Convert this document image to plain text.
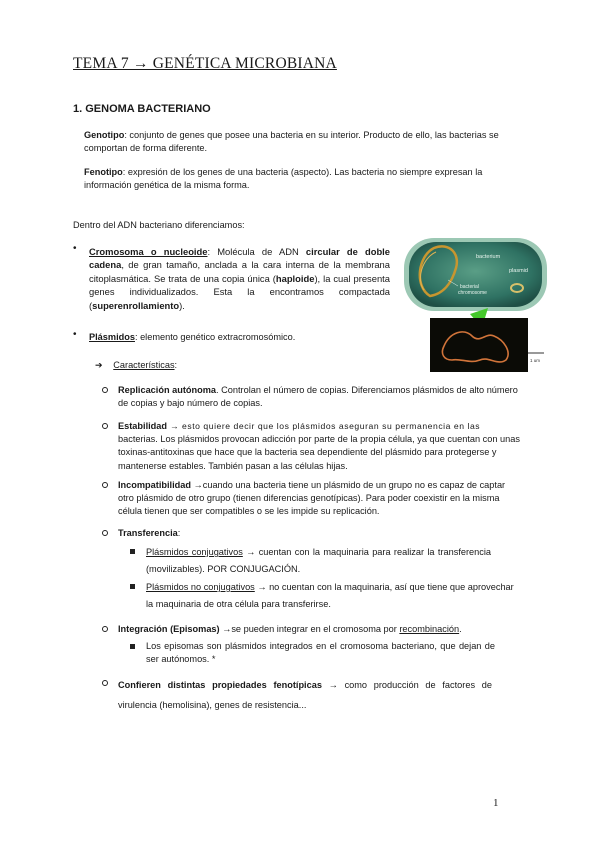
TEMA 7 → GENÉTICA MICROBIANA
1. GENOMA BACTERIANO
Genotipo: conjunto de genes que posee una bacteria en su interior. Producto de ello, las bacterias se comportan de forma diferente.
Fenotipo: expresión de los genes de una bacteria (aspecto). Las bacteria no siempre expresan la información genética de la misma forma.
Dentro del ADN bacteriano diferenciamos:
• Cromosoma o nucleoide: Molécula de ADN circular de doble cadena, de gran tamaño, anclada a la cara interna de la membrana citoplasmática. Se trata de una copia única (haploide), la cual presenta genes individualizados. Esta la encontramos compactada (superenrollamiento).
bacterium
plasmid
bacterial
chromosome
1 um
• Plásmidos: elemento genético extracromosómico.
➔ Características:
Replicación autónoma. Controlan el número de copias. Diferenciamos plásmidos de alto número de copias y bajo número de copias.
Estabilidad → esto quiere decir que los plásmidos aseguran su permanencia en las
bacterias. Los plásmidos provocan adicción por parte de la propia célula, ya que cuentan con unas toxinas-antitoxinas que hace que la bacteria sea dependiente del plásmido para protegerse y mantenerse estables. También pasan a las células hijas.
Incompatibilidad →cuando una bacteria tiene un plásmido de un grupo no es capaz de captar otro plásmido de otro grupo (tienen diferencias genotípicas). Para poder coexistir en la misma célula tienen que ser compatibles o se les impide su replicación.
Transferencia:
Plásmidos conjugativos → cuentan con la maquinaria para realizar la transferencia (movilizables). POR CONJUGACIÓN.
Plásmidos no conjugativos → no cuentan con la maquinaria, así que tiene que aprovechar la maquinaria de otra célula para transferirse.
Integración (Episomas) →se pueden integrar en el cromosoma por recombinación.
Los episomas son plásmidos integrados en el cromosoma bacteriano, que dejan de ser autónomos. *
Confieren distintas propiedades fenotípicas → como producción de factores de virulencia (hemolisina), genes de resistencia...
1
